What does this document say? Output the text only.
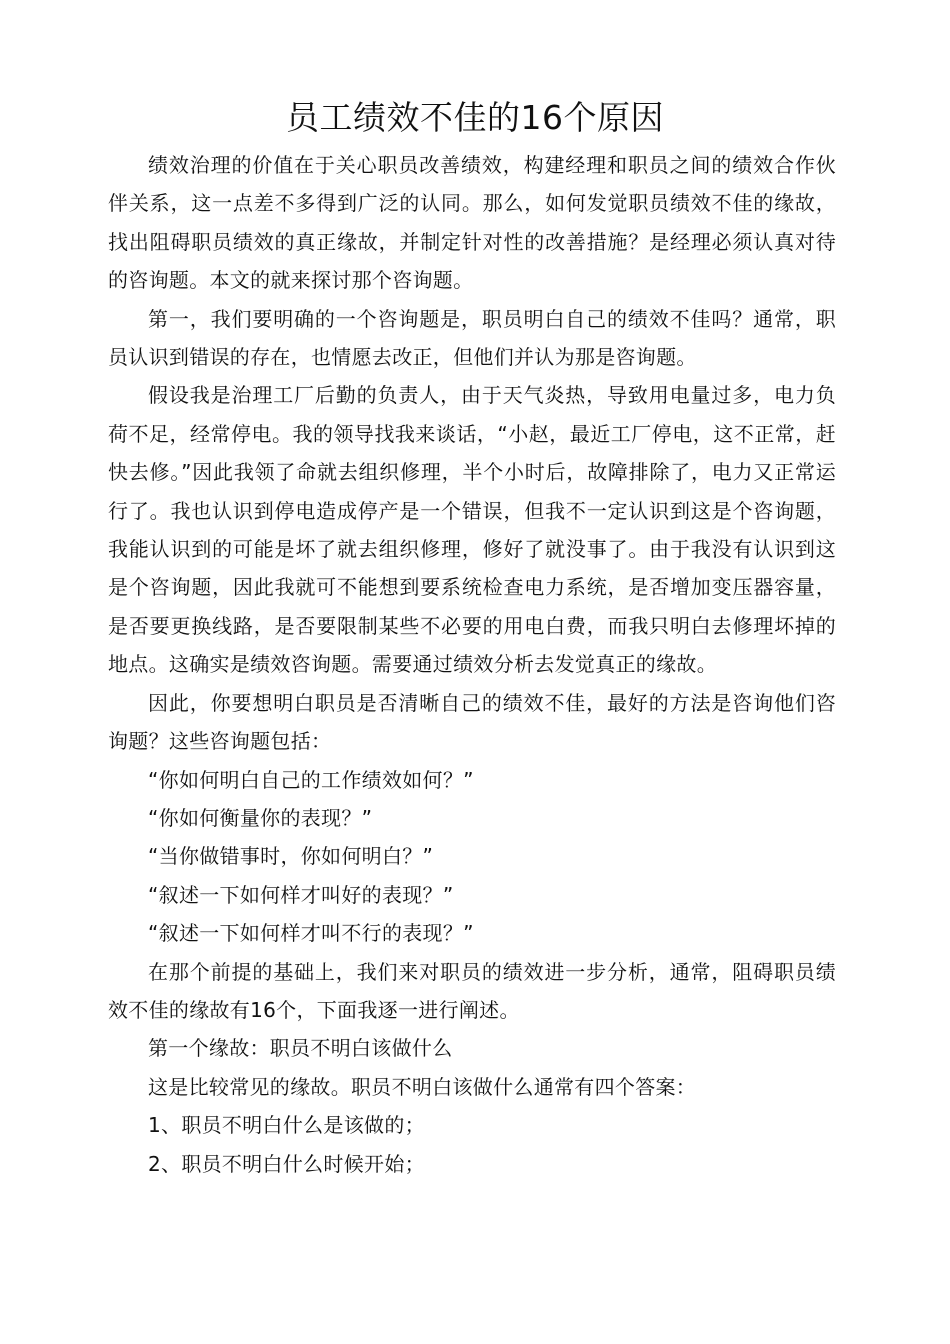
员工绩效不佳的16个原因

绩效治理的价值在于关心职员改善绩效，构建经理和职员之间的绩效合作伙伴关系，这一点差不多得到广泛的认同。那么，如何发觉职员绩效不佳的缘故，找出阻碍职员绩效的真正缘故，并制定针对性的改善措施？是经理必须认真对待的咨询题。本文的就来探讨那个咨询题。

第一，我们要明确的一个咨询题是，职员明白自己的绩效不佳吗？通常，职员认识到错误的存在，也情愿去改正，但他们并认为那是咨询题。

假设我是治理工厂后勤的负责人，由于天气炎热，导致用电量过多，电力负荷不足，经常停电。我的领导找我来谈话，“小赵，最近工厂停电，这不正常，赶快去修。”因此我领了命就去组织修理，半个小时后，故障排除了，电力又正常运行了。我也认识到停电造成停产是一个错误，但我不一定认识到这是个咨询题，我能认识到的可能是坏了就去组织修理，修好了就没事了。由于我没有认识到这是个咨询题，因此我就可不能想到要系统检查电力系统，是否增加变压器容量，是否要更换线路，是否要限制某些不必要的用电白费，而我只明白去修理坏掉的地点。这确实是绩效咨询题。需要通过绩效分析去发觉真正的缘故。

因此，你要想明白职员是否清晰自己的绩效不佳，最好的方法是咨询他们咨询题？这些咨询题包括：

“你如何明白自己的工作绩效如何？”

“你如何衡量你的表现？”

“当你做错事时，你如何明白？”

“叙述一下如何样才叫好的表现？”

“叙述一下如何样才叫不行的表现？”

在那个前提的基础上，我们来对职员的绩效进一步分析，通常，阻碍职员绩效不佳的缘故有16个，下面我逐一进行阐述。

第一个缘故：职员不明白该做什么

这是比较常见的缘故。职员不明白该做什么通常有四个答案：

1、职员不明白什么是该做的；

2、职员不明白什么时候开始；
